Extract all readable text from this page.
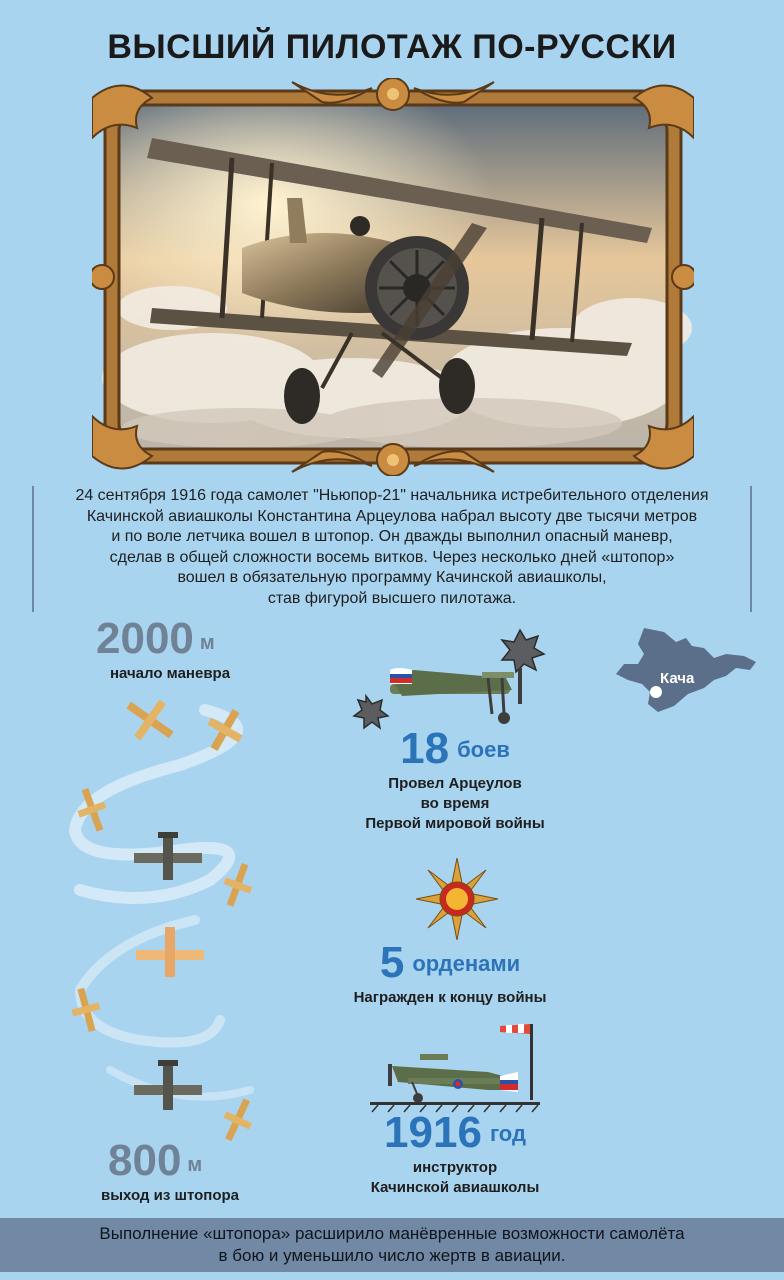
ВЫСШИЙ ПИЛОТАЖ ПО-РУССКИ
24 сентября 1916 года самолет "Ньюпор-21" начальника истребительного отделения
Качинской авиашколы Константина Арцеулова набрал высоту две тысячи метров
и по воле летчика вошел в штопор. Он дважды выполнил опасный маневр,
сделав в общей сложности восемь витков. Через несколько дней «штопор»
вошел в обязательную программу Качинской авиашколы,
став фигурой высшего пилотажа.
2000 м
начало маневра
800 м
выход из штопора
Кача
18 боев
Провел Арцеулов
во время
Первой мировой войны
5 орденами
Награжден к концу войны
1916 год
инструктор
Качинской авиашколы
Выполнение «штопора» расширило манёвренные возможности самолёта
в бою и уменьшило число жертв в авиации.
